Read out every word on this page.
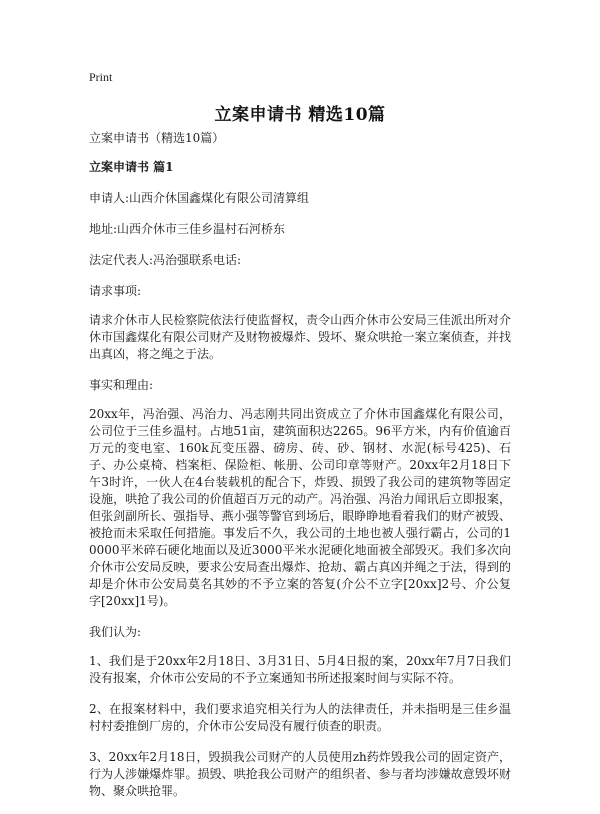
Print
立案申请书 精选10篇

立案申请书（精选10篇）

立案申请书 篇1

申请人:山西介休国鑫煤化有限公司清算组

地址:山西介休市三佳乡温村石河桥东

法定代表人:冯治强联系电话:

请求事项:

请求介休市人民检察院依法行使监督权，责令山西介休市公安局三佳派出所对介休市国鑫煤化有限公司财产及财物被爆炸、毁坏、聚众哄抢一案立案侦查，并找出真凶，将之绳之于法。

事实和理由:

20xx年，冯治强、冯治力、冯志刚共同出资成立了介休市国鑫煤化有限公司，公司位于三佳乡温村。占地51亩，建筑面积达2265。96平方米，内有价值逾百万元的变电室、160k瓦变压器、磅房、砖、砂、钢材、水泥(标号425)、石子、办公桌椅、档案柜、保险柜、帐册、公司印章等财产。20xx年2月18日下午3时许，一伙人在4台装载机的配合下，炸毁、损毁了我公司的建筑物等固定设施，哄抢了我公司的价值超百万元的动产。冯治强、冯治力闻讯后立即报案，但张剑副所长、强指导、燕小强等警官到场后，眼睁睁地看着我们的财产被毁、被抢而未采取任何措施。事发后不久，我公司的土地也被人强行霸占，公司的10000平米碎石硬化地面以及近3000平米水泥硬化地面被全部毁灭。我们多次向介休市公安局反映，要求公安局查出爆炸、抢劫、霸占真凶并绳之于法，得到的却是介休市公安局莫名其妙的不予立案的答复(介公不立字[20xx]2号、介公复字[20xx]1号)。

我们认为:

1、我们是于20xx年2月18日、3月31日、5月4日报的案，20xx年7月7日我们没有报案，介休市公安局的不予立案通知书所述报案时间与实际不符。

2、在报案材料中，我们要求追究相关行为人的法律责任，并未指明是三佳乡温村村委推倒厂房的，介休市公安局没有履行侦查的职责。

3、20xx年2月18日，毁损我公司财产的人员使用zh药炸毁我公司的固定资产，行为人涉嫌爆炸罪。损毁、哄抢我公司财产的组织者、参与者均涉嫌故意毁坏财物、聚众哄抢罪。
